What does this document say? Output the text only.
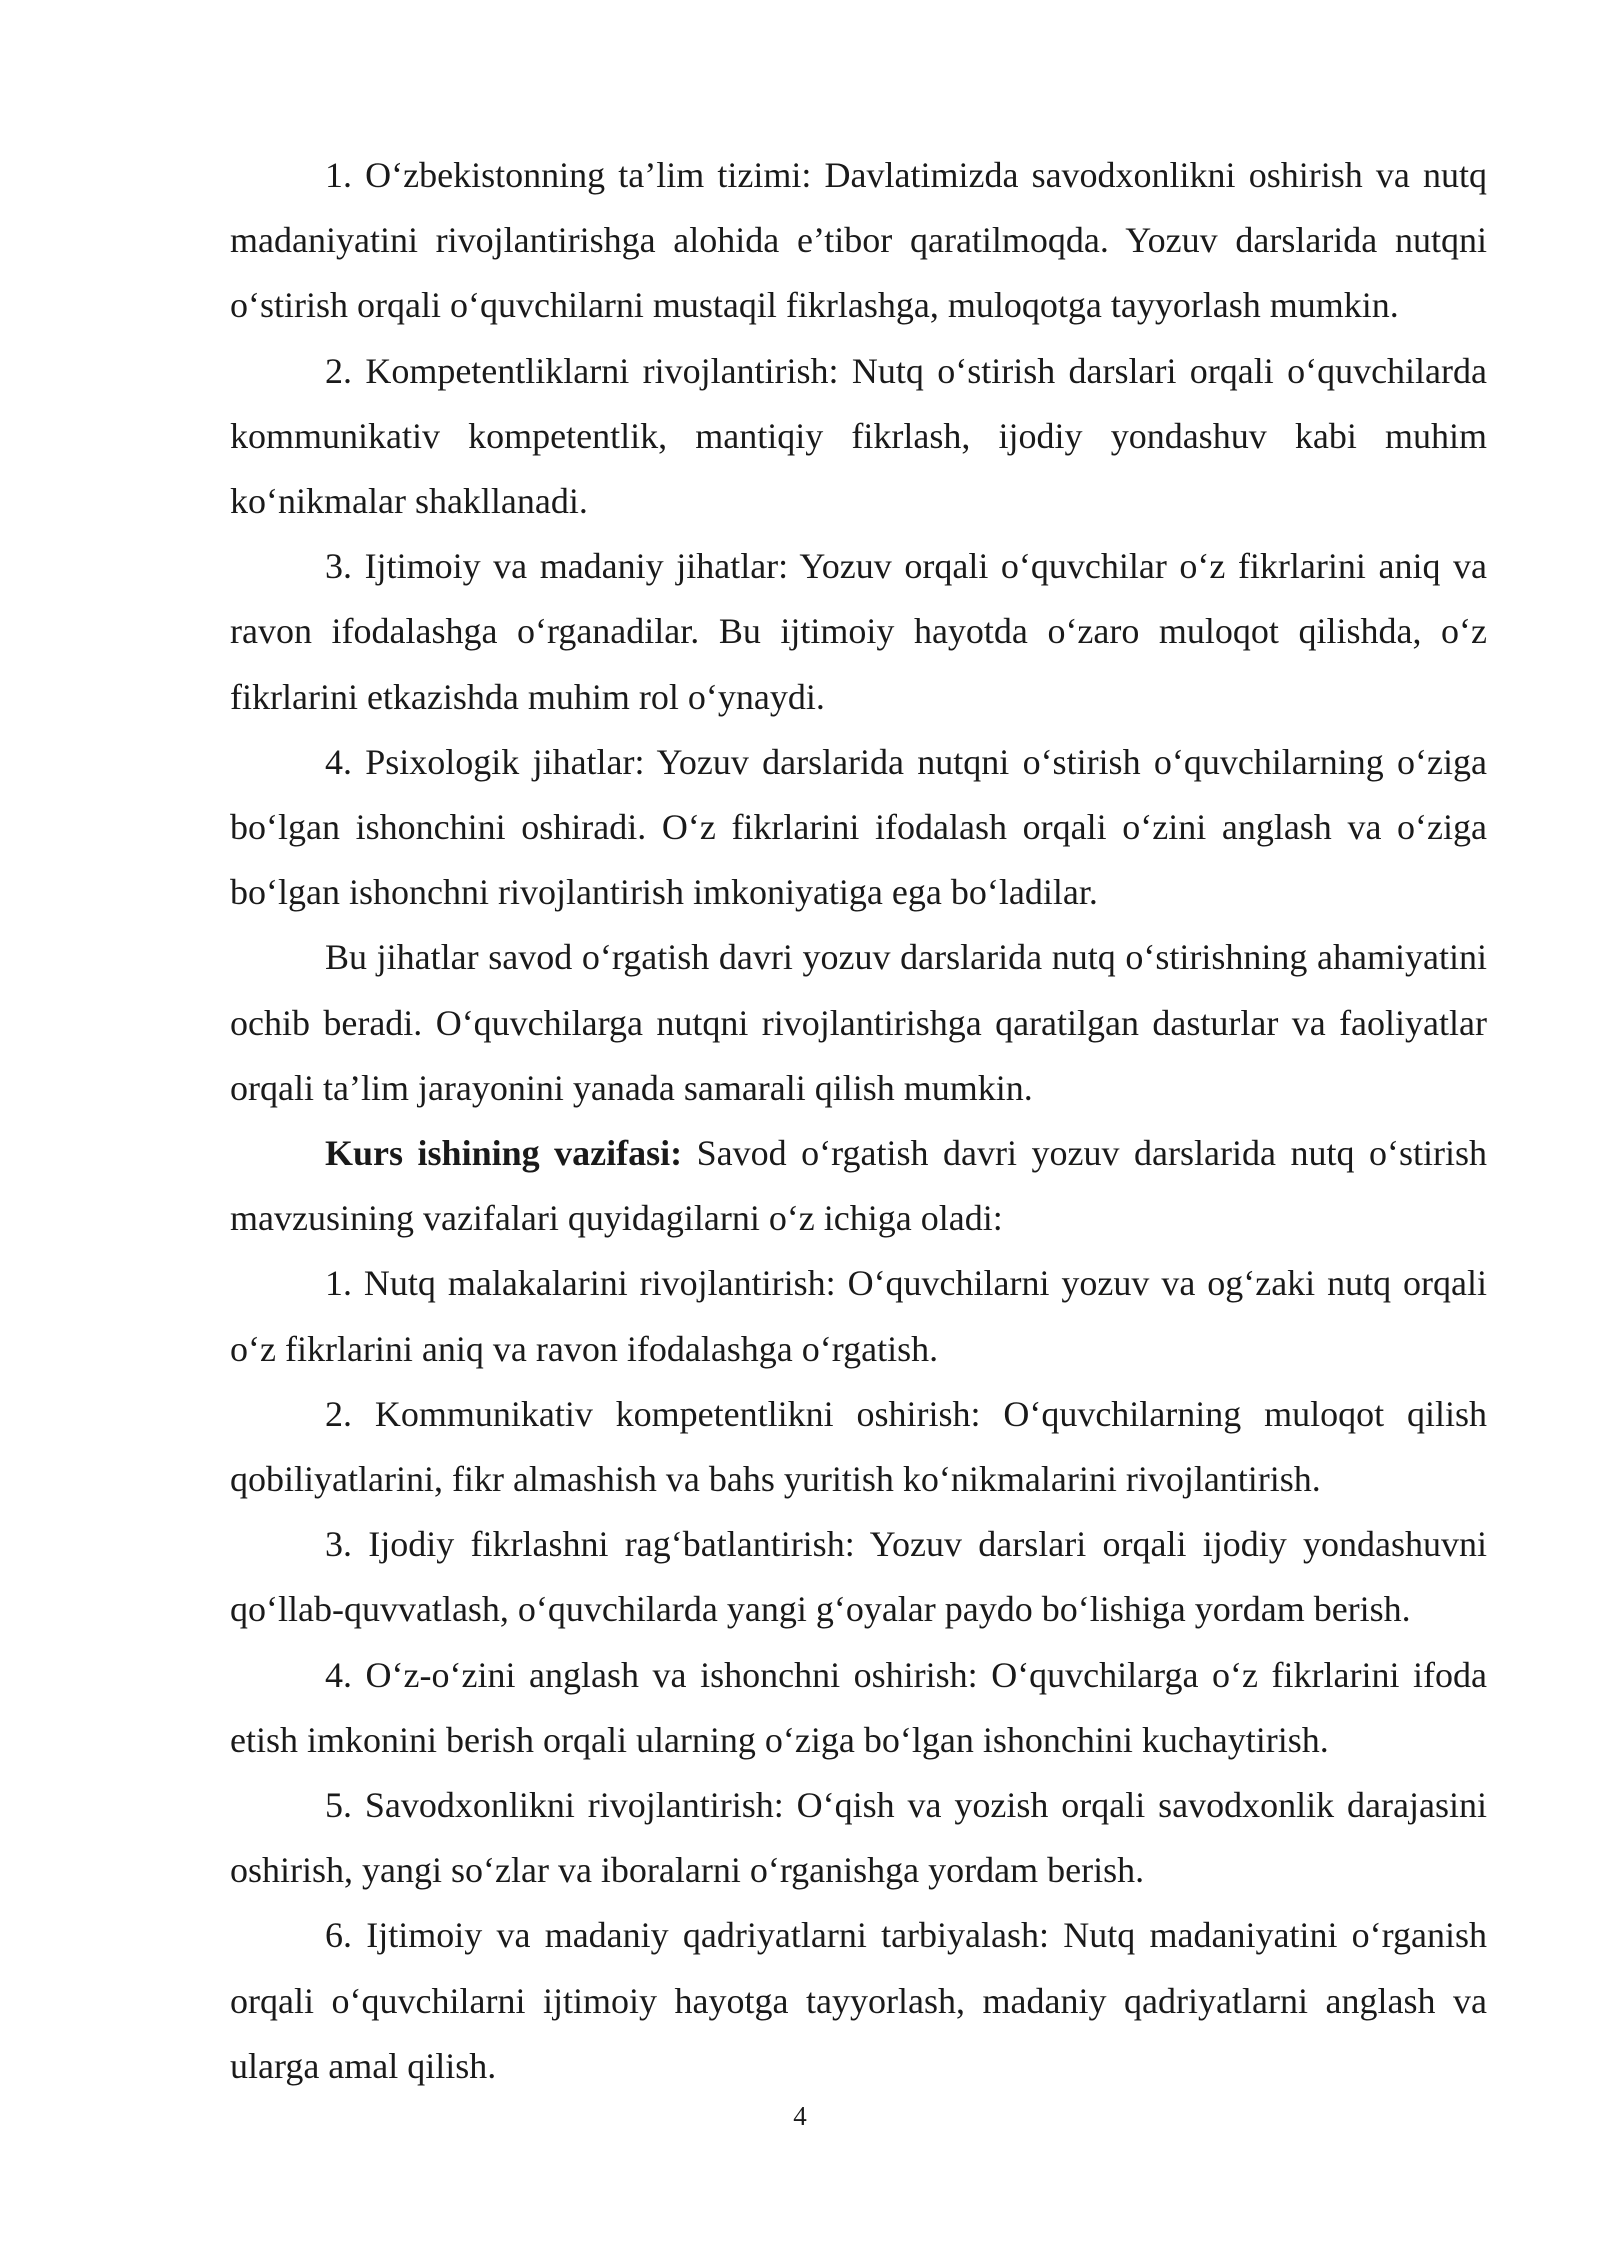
1. O‘zbekistonning ta’lim tizimi: Davlatimizda savodxonlikni oshirish va nutq madaniyatini rivojlantirishga alohida e’tibor qaratilmoqda. Yozuv darslarida nutqni o‘stirish orqali o‘quvchilarni mustaqil fikrlashga, muloqotga tayyorlash mumkin.

2. Kompetentliklarni rivojlantirish: Nutq o‘stirish darslari orqali o‘quvchilarda kommunikativ kompetentlik, mantiqiy fikrlash, ijodiy yondashuv kabi muhim ko‘nikmalar shakllanadi.

3. Ijtimoiy va madaniy jihatlar: Yozuv orqali o‘quvchilar o‘z fikrlarini aniq va ravon ifodalashga o‘rganadilar. Bu ijtimoiy hayotda o‘zaro muloqot qilishda, o‘z fikrlarini etkazishda muhim rol o‘ynaydi.

4. Psixologik jihatlar: Yozuv darslarida nutqni o‘stirish o‘quvchilarning o‘ziga bo‘lgan ishonchini oshiradi. O‘z fikrlarini ifodalash orqali o‘zini anglash va o‘ziga bo‘lgan ishonchni rivojlantirish imkoniyatiga ega bo‘ladilar.

Bu jihatlar savod o‘rgatish davri yozuv darslarida nutq o‘stirishning ahamiyatini ochib beradi. O‘quvchilarga nutqni rivojlantirishga qaratilgan dasturlar va faoliyatlar orqali ta’lim jarayonini yanada samarali qilish mumkin.

Kurs ishining vazifasi: Savod o‘rgatish davri yozuv darslarida nutq o‘stirish mavzusining vazifalari quyidagilarni o‘z ichiga oladi:

1. Nutq malakalarini rivojlantirish: O‘quvchilarni yozuv va og‘zaki nutq orqali o‘z fikrlarini aniq va ravon ifodalashga o‘rgatish.

2. Kommunikativ kompetentlikni oshirish: O‘quvchilarning muloqot qilish qobiliyatlarini, fikr almashish va bahs yuritish ko‘nikmalarini rivojlantirish.

3. Ijodiy fikrlashni rag‘batlantirish: Yozuv darslari orqali ijodiy yondashuvni qo‘llab-quvvatlash, o‘quvchilarda yangi g‘oyalar paydo bo‘lishiga yordam berish.

4. O‘z-o‘zini anglash va ishonchni oshirish: O‘quvchilarga o‘z fikrlarini ifoda etish imkonini berish orqali ularning o‘ziga bo‘lgan ishonchini kuchaytirish.

5. Savodxonlikni rivojlantirish: O‘qish va yozish orqali savodxonlik darajasini oshirish, yangi so‘zlar va iboralarni o‘rganishga yordam berish.

6. Ijtimoiy va madaniy qadriyatlarni tarbiyalash: Nutq madaniyatini o‘rganish orqali o‘quvchilarni ijtimoiy hayotga tayyorlash, madaniy qadriyatlarni anglash va ularga amal qilish.

4
